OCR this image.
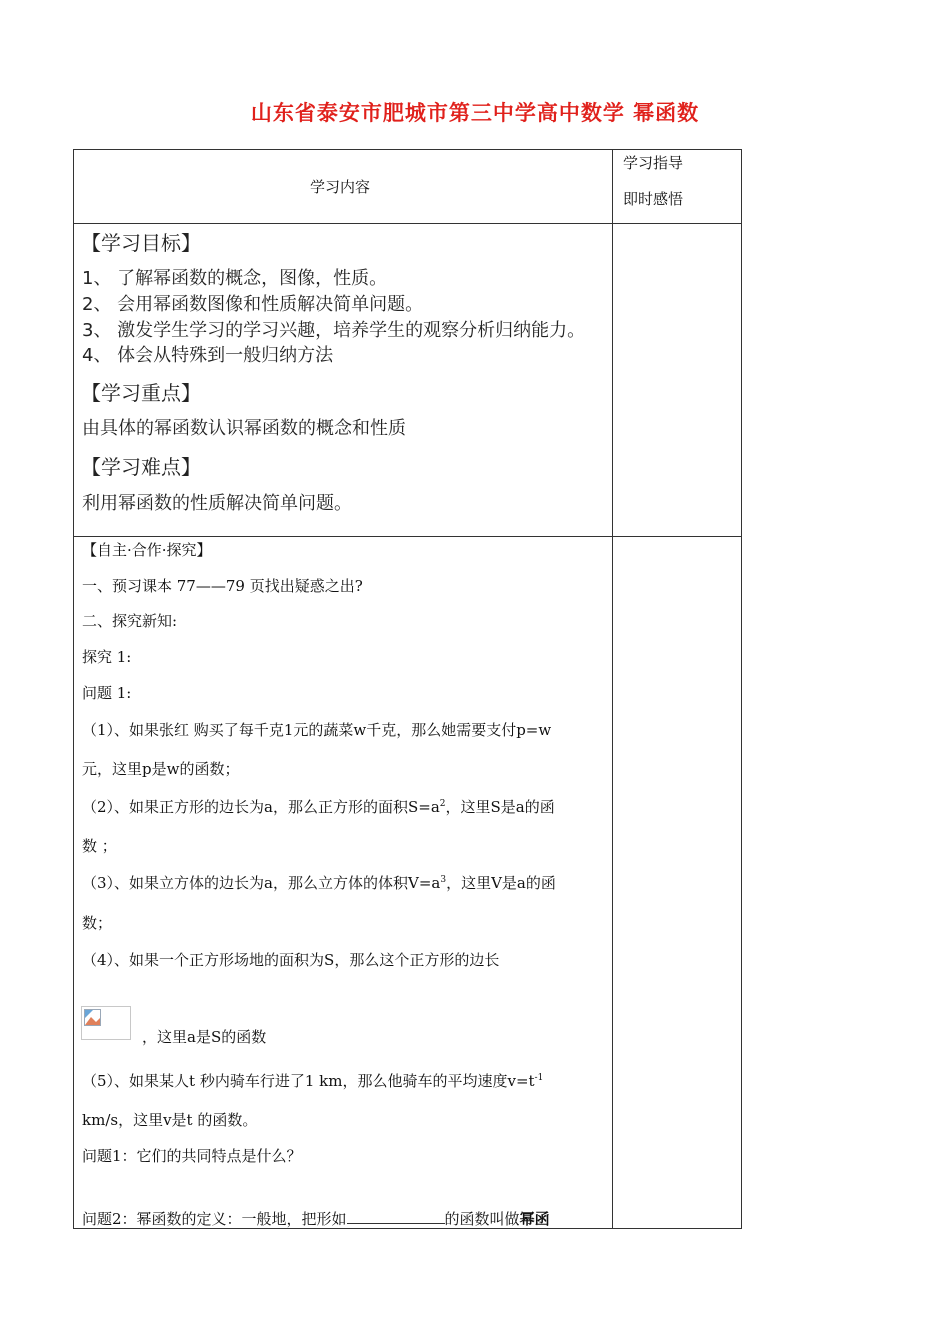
山东省泰安市肥城市第三中学高中数学 幂函数
学习内容
学习指导
即时感悟
【学习目标】
1、 了解幂函数的概念，图像，性质。
2、 会用幂函数图像和性质解决简单问题。
3、 激发学生学习的学习兴趣，培养学生的观察分析归纳能力。
4、 体会从特殊到一般归纳方法
【学习重点】
由具体的幂函数认识幂函数的概念和性质
【学习难点】
利用幂函数的性质解决简单问题。
【自主·合作·探究】
一、预习课本 77——79 页找出疑惑之出?
二、探究新知:
探究 1:
问题 1:
（1）、如果张红 购买了每千克1元的蔬菜w千克，那么她需要支付p=w
元，这里p是w的函数；
（2）、如果正方形的边长为a，那么正方形的面积$S=a^2$，这里S是a的函
数 ；
（3）、如果立方体的边长为a，那么立方体的体积$V=a^3$，这里V是a的函
数；
（4）、如果一个正方形场地的面积为S，那么这个正方形的边长
，这里a是S的函数
（5）、如果某人t 秒内骑车行进了1 km，那么他骑车的平均速度$v=t^{-1}$
km/s，这里v是t 的函数。
问题1：它们的共同特点是什么？
问题2：幂函数的定义：一般地，把形如	的函数叫做幂函
